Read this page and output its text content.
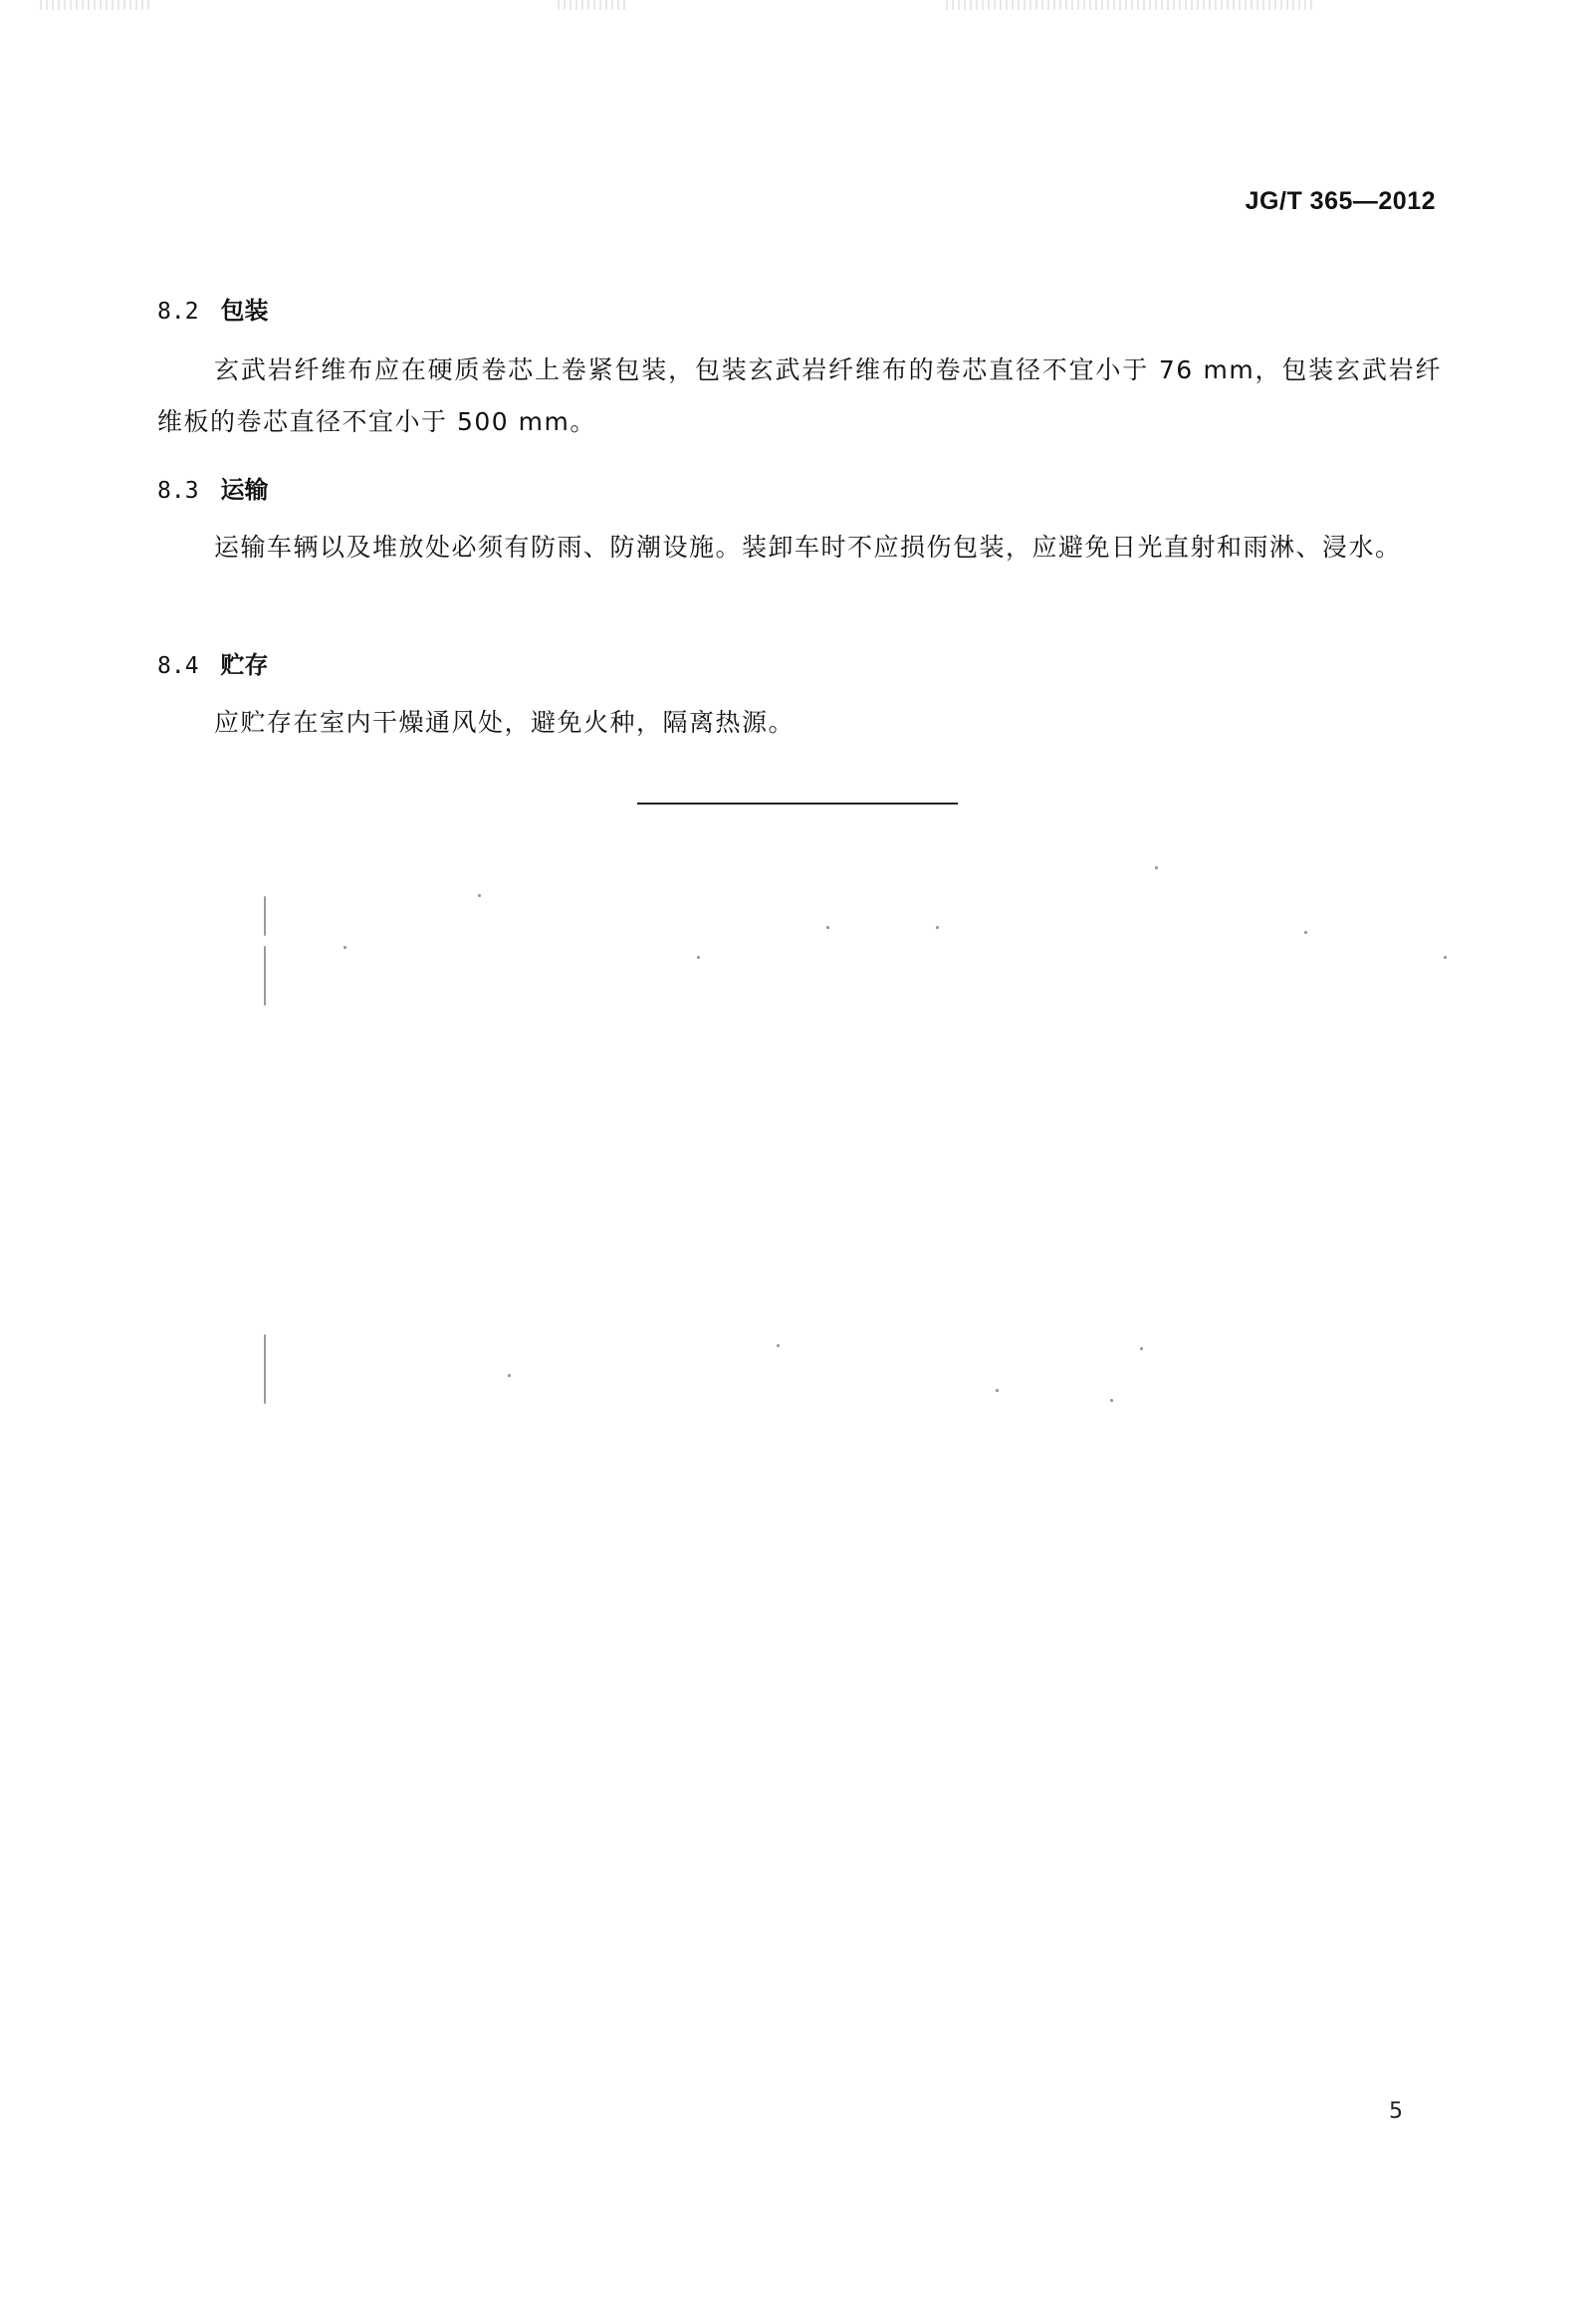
JG/T 365—2012
8.2 包装
玄武岩纤维布应在硬质卷芯上卷紧包装，包装玄武岩纤维布的卷芯直径不宜小于 76 mm，包装玄武岩纤维板的卷芯直径不宜小于 500 mm。
8.3 运输
运输车辆以及堆放处必须有防雨、防潮设施。装卸车时不应损伤包装，应避免日光直射和雨淋、浸水。
8.4 贮存
应贮存在室内干燥通风处，避免火种，隔离热源。
5
